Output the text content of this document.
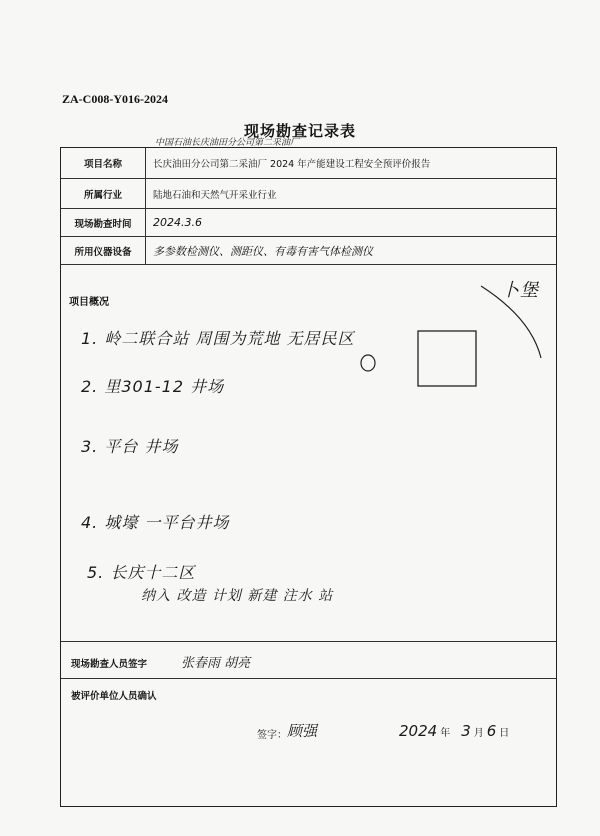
ZA-C008-Y016-2024
现场勘查记录表
中国石油长庆油田分公司第二采油厂
项目名称	长庆油田分公司第二采油厂 2024 年产能建设工程安全预评价报告
所属行业	陆地石油和天然气开采业行业
现场勘查时间	2024.3.6
所用仪器设备	多参数检测仪、测距仪、有毒有害气体检测仪
项目概况
卜堡
1. 岭二联合站 周围为荒地 无居民区
2. 里301-12 井场
3. 平台 井场
4. 城壕 一平台井场
5. 长庆十二区
纳入 改造 计划 新建 注水 站
现场勘查人员签字	张春雨 胡亮
被评价单位人员确认
签字： 顾强	2024 年 3 月 6 日
